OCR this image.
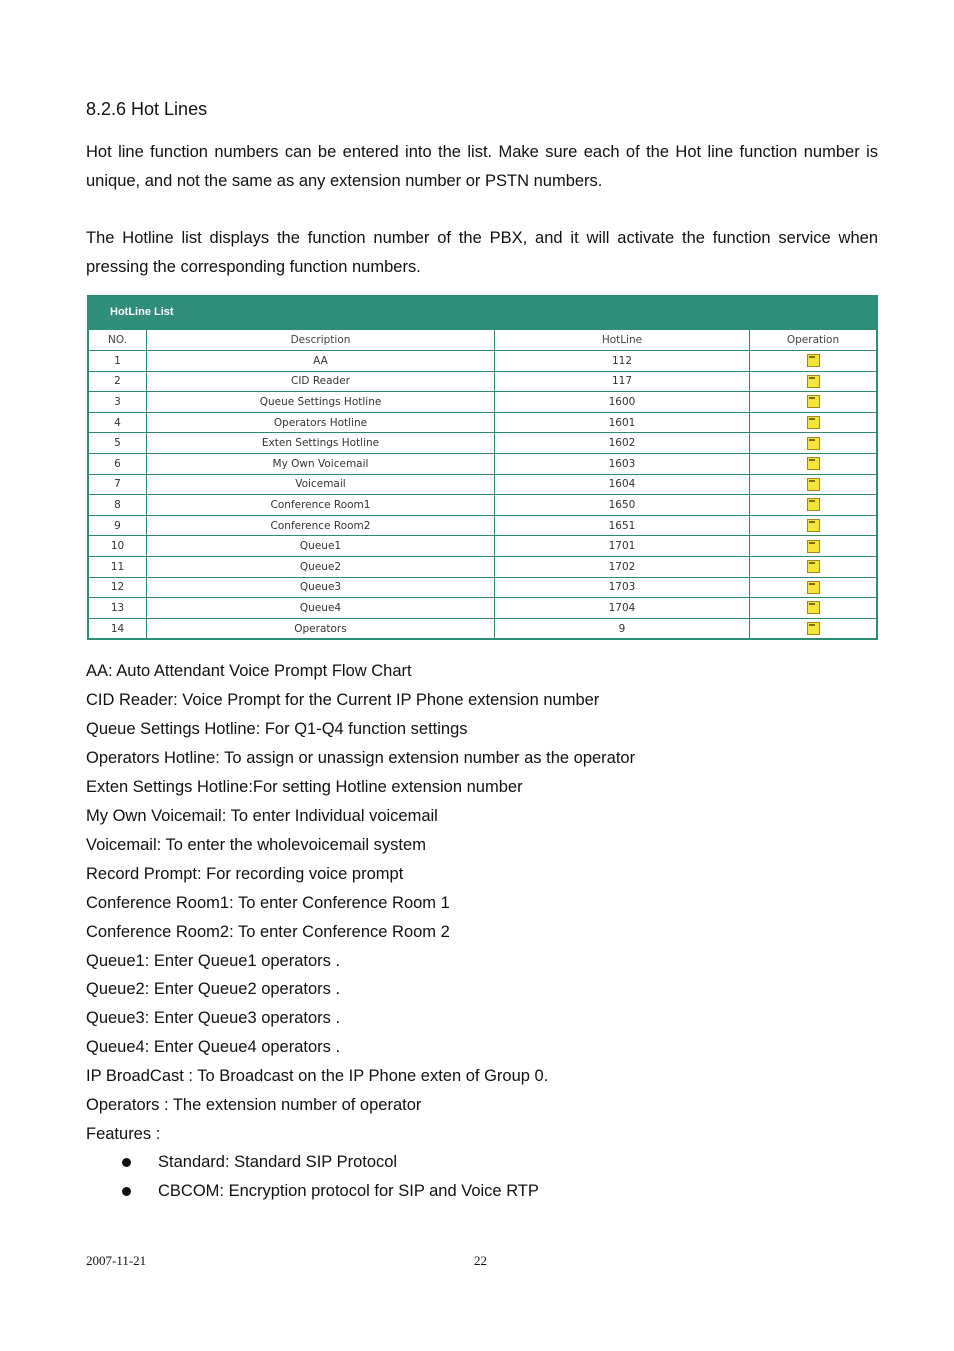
8.2.6 Hot Lines

Hot line function numbers can be entered into the list. Make sure each of the Hot line function number is unique, and not the same as any extension number or PSTN numbers.

The Hotline list displays the function number of the PBX, and it will activate the function service when pressing the corresponding function numbers.

HotLine List
NO.	Description	HotLine	Operation
1	AA	112	
2	CID Reader	117	
3	Queue Settings Hotline	1600	
4	Operators Hotline	1601	
5	Exten Settings Hotline	1602	
6	My Own Voicemail	1603	
7	Voicemail	1604	
8	Conference Room1	1650	
9	Conference Room2	1651	
10	Queue1	1701	
11	Queue2	1702	
12	Queue3	1703	
13	Queue4	1704	
14	Operators	9	
AA: Auto Attendant Voice Prompt Flow Chart
CID Reader: Voice Prompt for the Current IP Phone extension number
Queue Settings Hotline: For Q1-Q4 function settings
Operators Hotline: To assign or unassign extension number as the operator
Exten Settings Hotline:For setting Hotline extension number
My Own Voicemail: To enter Individual voicemail
Voicemail: To enter the wholevoicemail system
Record Prompt: For recording voice prompt
Conference Room1: To enter Conference Room 1
Conference Room2: To enter Conference Room 2
Queue1: Enter Queue1 operators .
Queue2: Enter Queue2 operators .
Queue3: Enter Queue3 operators .
Queue4: Enter Queue4 operators .
IP BroadCast : To Broadcast on the IP Phone exten of Group 0.
Operators : The extension number of operator
Features :
Standard: Standard SIP Protocol
CBCOM: Encryption protocol for SIP and Voice RTP
2007-11-21	22
